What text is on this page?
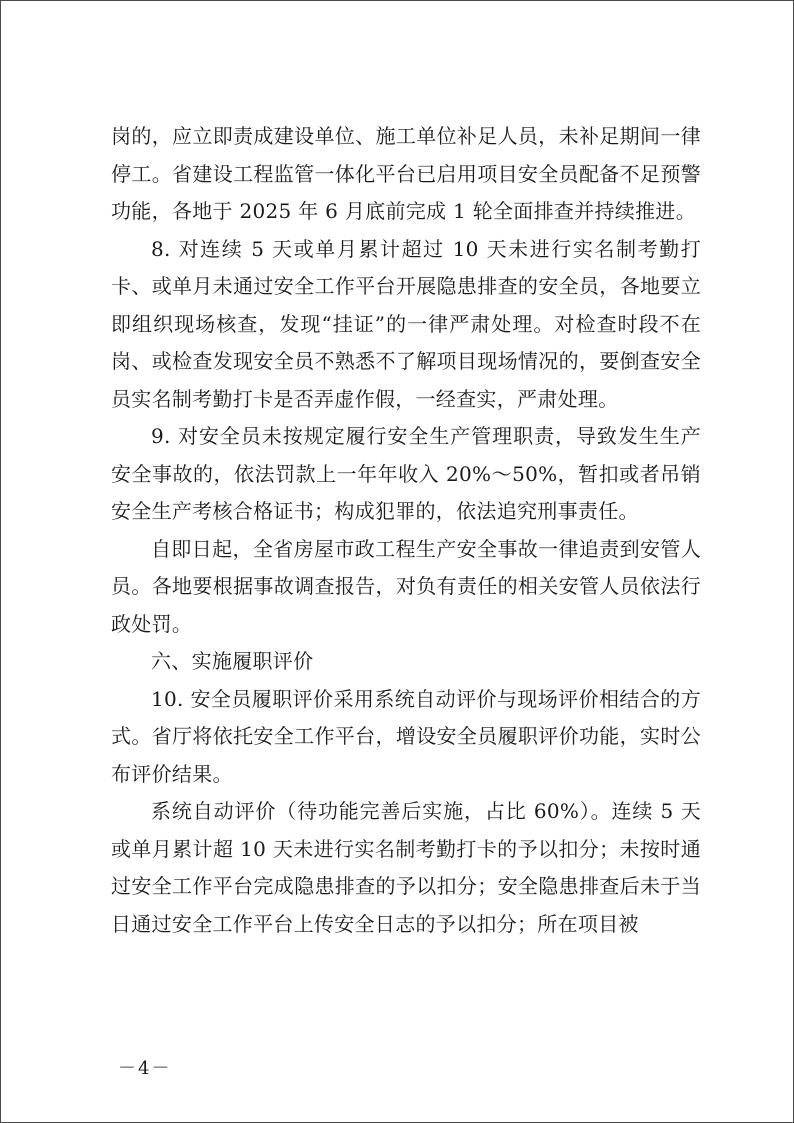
岗的，应立即责成建设单位、施工单位补足人员，未补足期间一律停工。省建设工程监管一体化平台已启用项目安全员配备不足预警功能，各地于 2025 年 6 月底前完成 1 轮全面排查并持续推进。

8. 对连续 5 天或单月累计超过 10 天未进行实名制考勤打卡、或单月未通过安全工作平台开展隐患排查的安全员，各地要立即组织现场核查，发现“挂证”的一律严肃处理。对检查时段不在岗、或检查发现安全员不熟悉不了解项目现场情况的，要倒查安全员实名制考勤打卡是否弄虚作假，一经查实，严肃处理。

9. 对安全员未按规定履行安全生产管理职责，导致发生生产安全事故的，依法罚款上一年年收入 20%～50%，暂扣或者吊销安全生产考核合格证书；构成犯罪的，依法追究刑事责任。

自即日起，全省房屋市政工程生产安全事故一律追责到安管人员。各地要根据事故调查报告，对负有责任的相关安管人员依法行政处罚。

六、实施履职评价

10. 安全员履职评价采用系统自动评价与现场评价相结合的方式。省厅将依托安全工作平台，增设安全员履职评价功能，实时公布评价结果。

系统自动评价（待功能完善后实施，占比 60%）。连续 5 天或单月累计超 10 天未进行实名制考勤打卡的予以扣分；未按时通过安全工作平台完成隐患排查的予以扣分；安全隐患排查后未于当日通过安全工作平台上传安全日志的予以扣分；所在项目被

－4－
